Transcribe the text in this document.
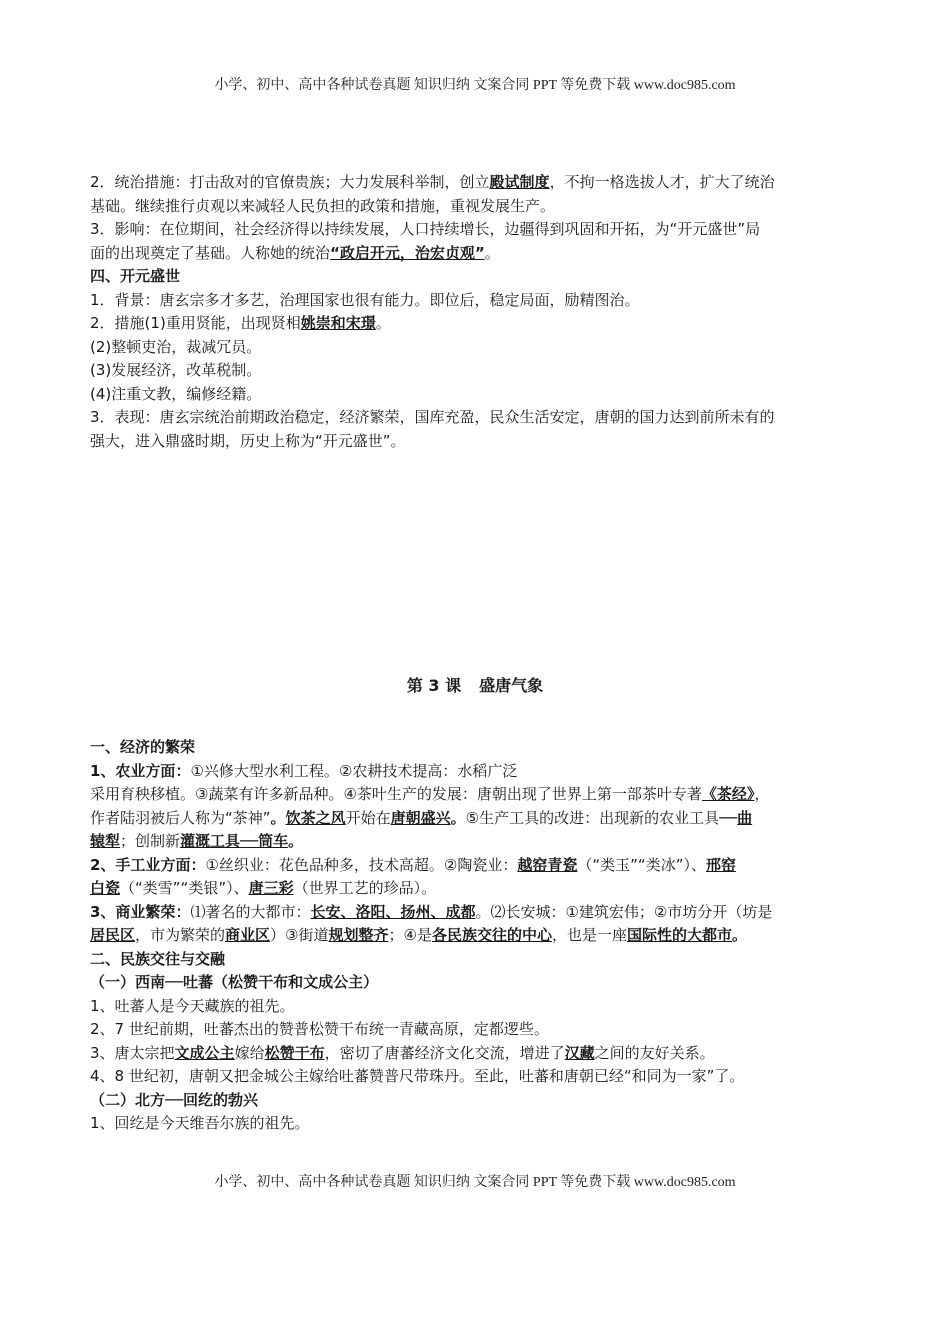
小学、初中、高中各种试卷真题 知识归纳 文案合同 PPT 等免费下载 www.doc985.com

2．统治措施：打击敌对的官僚贵族；大力发展科举制，创立殿试制度，不拘一格选拔人才，扩大了统治

基础。继续推行贞观以来减轻人民负担的政策和措施，重视发展生产。

3．影响：在位期间，社会经济得以持续发展，人口持续增长，边疆得到巩固和开拓，为“开元盛世”局

面的出现奠定了基础。人称她的统治“政启开元，治宏贞观”。

四、开元盛世

1．背景：唐玄宗多才多艺，治理国家也很有能力。即位后，稳定局面，励精图治。

2．措施(1)重用贤能，出现贤相姚崇和宋璟。

(2)整顿吏治，裁减冗员。

(3)发展经济，改革税制。

(4)注重文教，编修经籍。

3．表现：唐玄宗统治前期政治稳定，经济繁荣，国库充盈，民众生活安定，唐朝的国力达到前所未有的

强大，进入鼎盛时期，历史上称为“开元盛世”。

第 3 课 盛唐气象

一、经济的繁荣

1、农业方面：①兴修大型水利工程。②农耕技术提高：水稻广泛

采用育秧移植。③蔬菜有许多新品种。④茶叶生产的发展：唐朝出现了世界上第一部茶叶专著《茶经》，

作者陆羽被后人称为“茶神”。饮茶之风开始在唐朝盛兴。⑤生产工具的改进：出现新的农业工具──曲

辕犁；创制新灌溉工具──筒车。

2、手工业方面：①丝织业：花色品种多，技术高超。②陶瓷业：越窑青瓷（“类玉”“类冰”）、邢窑

白瓷（“类雪”“类银”）、唐三彩（世界工艺的珍品）。

3、商业繁荣：⑴著名的大都市：长安、洛阳、扬州、成都。⑵长安城：①建筑宏伟；②市坊分开（坊是

居民区，市为繁荣的商业区）③街道规划整齐；④是各民族交往的中心，也是一座国际性的大都市。

二、民族交往与交融

（一）西南──吐蕃（松赞干布和文成公主）

1、吐蕃人是今天藏族的祖先。

2、7 世纪前期，吐蕃杰出的赞普松赞干布统一青藏高原，定都逻些。

3、唐太宗把文成公主嫁给松赞干布，密切了唐蕃经济文化交流，增进了汉藏之间的友好关系。

4、8 世纪初，唐朝又把金城公主嫁给吐蕃赞普尺带珠丹。至此，吐蕃和唐朝已经“和同为一家”了。

（二）北方──回纥的勃兴

1、回纥是今天维吾尔族的祖先。

小学、初中、高中各种试卷真题 知识归纳 文案合同 PPT 等免费下载 www.doc985.com
